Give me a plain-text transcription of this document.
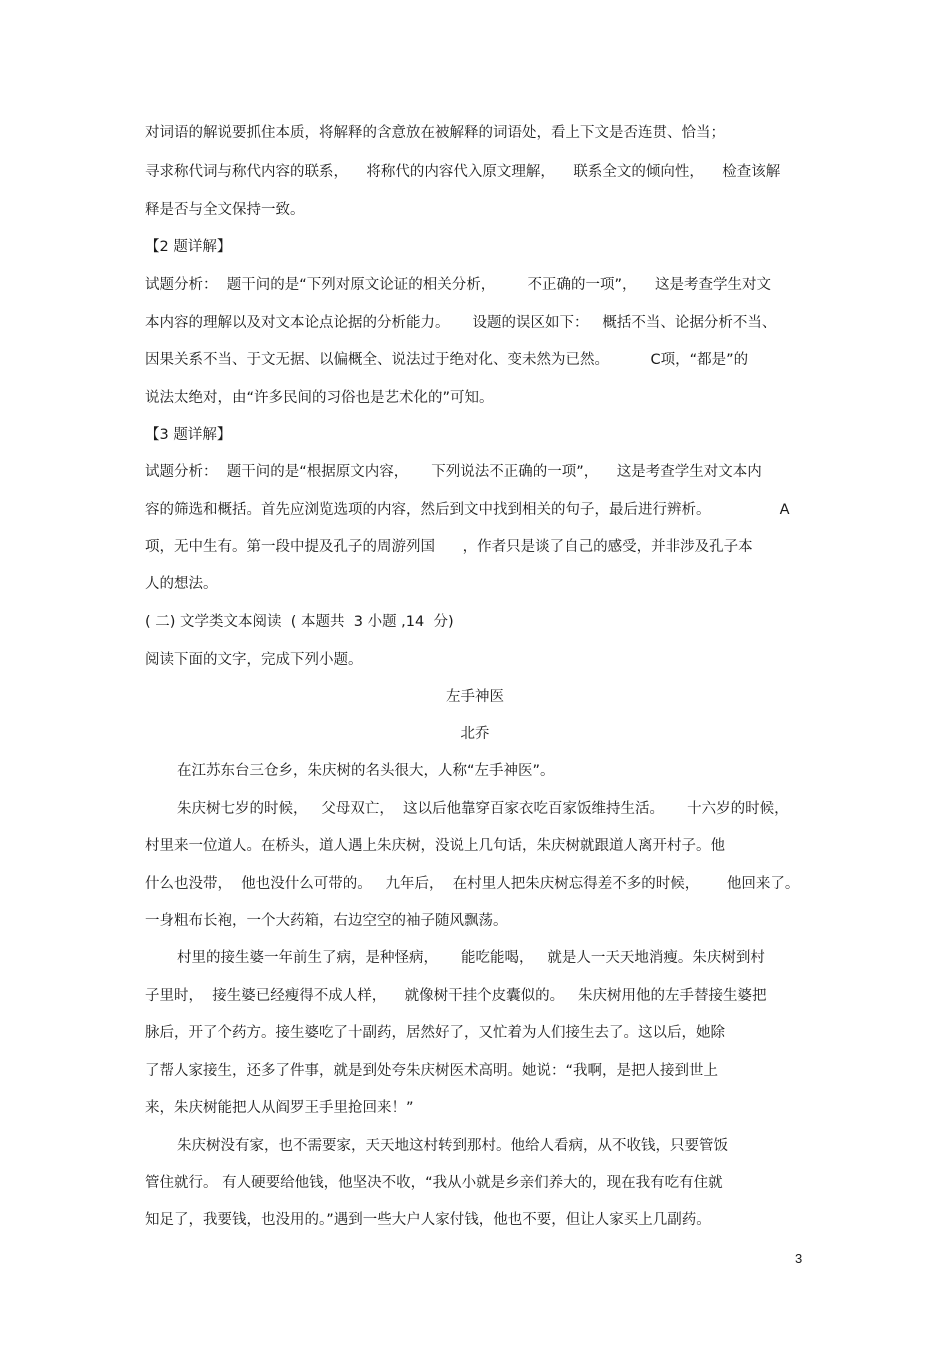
对词语的解说要抓住本质，将解释的含意放在被解释的词语处，看上下文是否连贯、恰当；

寻求称代词与称代内容的联系，    将称代的内容代入原文理解，    联系全文的倾向性，    检查该解

释是否与全文保持一致。

【2 题详解】

试题分析：  题干问的是“下列对原文论证的相关分析，       不正确的一项”，    这是考查学生对文

本内容的理解以及对文本论点论据的分析能力。     设题的误区如下：   概括不当、论据分析不当、

因果关系不当、于文无据、以偏概全、说法过于绝对化、变未然为已然。         C项，“都是”的

说法太绝对，由“许多民间的习俗也是艺术化的”可知。

【3 题详解】

试题分析：  题干问的是“根据原文内容，     下列说法不正确的一项”，    这是考查学生对文本内

容的筛选和概括。首先应浏览选项的内容，然后到文中找到相关的句子，最后进行辨析。               A

项，无中生有。第一段中提及孔子的周游列国      ，作者只是谈了自己的感受，并非涉及孔子本

人的想法。

( 二) 文学类文本阅读  ( 本题共  3 小题 ,14  分)

阅读下面的文字，完成下列小题。

左手神医

北乔

在江苏东台三仓乡，朱庆树的名头很大，人称“左手神医”。

朱庆树七岁的时候，   父母双亡，  这以后他靠穿百家衣吃百家饭维持生活。     十六岁的时候，

村里来一位道人。在桥头，道人遇上朱庆树，没说上几句话，朱庆树就跟道人离开村子。他

什么也没带，  他也没什么可带的。   九年后，  在村里人把朱庆树忘得差不多的时候，      他回来了。

一身粗布长袍，一个大药箱，右边空空的袖子随风飘荡。

村里的接生婆一年前生了病，是种怪病，     能吃能喝，   就是人一天天地消瘦。朱庆树到村

子里时，  接生婆已经瘦得不成人样，    就像树干挂个皮囊似的。   朱庆树用他的左手替接生婆把

脉后，开了个药方。接生婆吃了十副药，居然好了，又忙着为人们接生去了。这以后，她除

了帮人家接生，还多了件事，就是到处夸朱庆树医术高明。她说：“我啊，是把人接到世上

来，朱庆树能把人从阎罗王手里抢回来！”

朱庆树没有家，也不需要家，天天地这村转到那村。他给人看病，从不收钱，只要管饭

管住就行。 有人硬要给他钱，他坚决不收，“我从小就是乡亲们养大的，现在我有吃有住就

知足了，我要钱，也没用的。”遇到一些大户人家付钱，他也不要，但让人家买上几副药。

3
